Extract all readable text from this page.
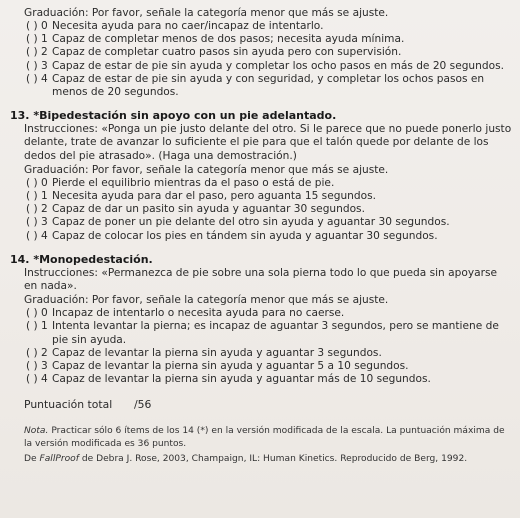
Graduación: Por favor, señale la categoría menor que más se ajuste.
( ) 0 Necesita ayuda para no caer/incapaz de intentarlo.
( ) 1 Capaz de completar menos de dos pasos; necesita ayuda mínima.
( ) 2 Capaz de completar cuatro pasos sin ayuda pero con supervisión.
( ) 3 Capaz de estar de pie sin ayuda y completar los ocho pasos en más de 20 segundos.
( ) 4 Capaz de estar de pie sin ayuda y con seguridad, y completar los ochos pasos en menos de 20 segundos.
13. *Bipedestación sin apoyo con un pie adelantado.
Instrucciones: «Ponga un pie justo delante del otro. Si le parece que no puede ponerlo justo delante, trate de avanzar lo suficiente el pie para que el talón quede por delante de los dedos del pie atrasado». (Haga una demostración.)
Graduación: Por favor, señale la categoría menor que más se ajuste.
( ) 0 Pierde el equilibrio mientras da el paso o está de pie.
( ) 1 Necesita ayuda para dar el paso, pero aguanta 15 segundos.
( ) 2 Capaz de dar un pasito sin ayuda y aguantar 30 segundos.
( ) 3 Capaz de poner un pie delante del otro sin ayuda y aguantar 30 segundos.
( ) 4 Capaz de colocar los pies en tándem sin ayuda y aguantar 30 segundos.
14. *Monopedestación.
Instrucciones: «Permanezca de pie sobre una sola pierna todo lo que pueda sin apoyarse en nada».
Graduación: Por favor, señale la categoría menor que más se ajuste.
( ) 0 Incapaz de intentarlo o necesita ayuda para no caerse.
( ) 1 Intenta levantar la pierna; es incapaz de aguantar 3 segundos, pero se mantiene de pie sin ayuda.
( ) 2 Capaz de levantar la pierna sin ayuda y aguantar 3 segundos.
( ) 3 Capaz de levantar la pierna sin ayuda y aguantar 5 a 10 segundos.
( ) 4 Capaz de levantar la pierna sin ayuda y aguantar más de 10 segundos.
Puntuación total	/56
Nota. Practicar sólo 6 ítems de los 14 (*) en la versión modificada de la escala. La puntuación máxima de la versión modificada es 36 puntos.
De FallProof de Debra J. Rose, 2003, Champaign, IL: Human Kinetics. Reproducido de Berg, 1992.
